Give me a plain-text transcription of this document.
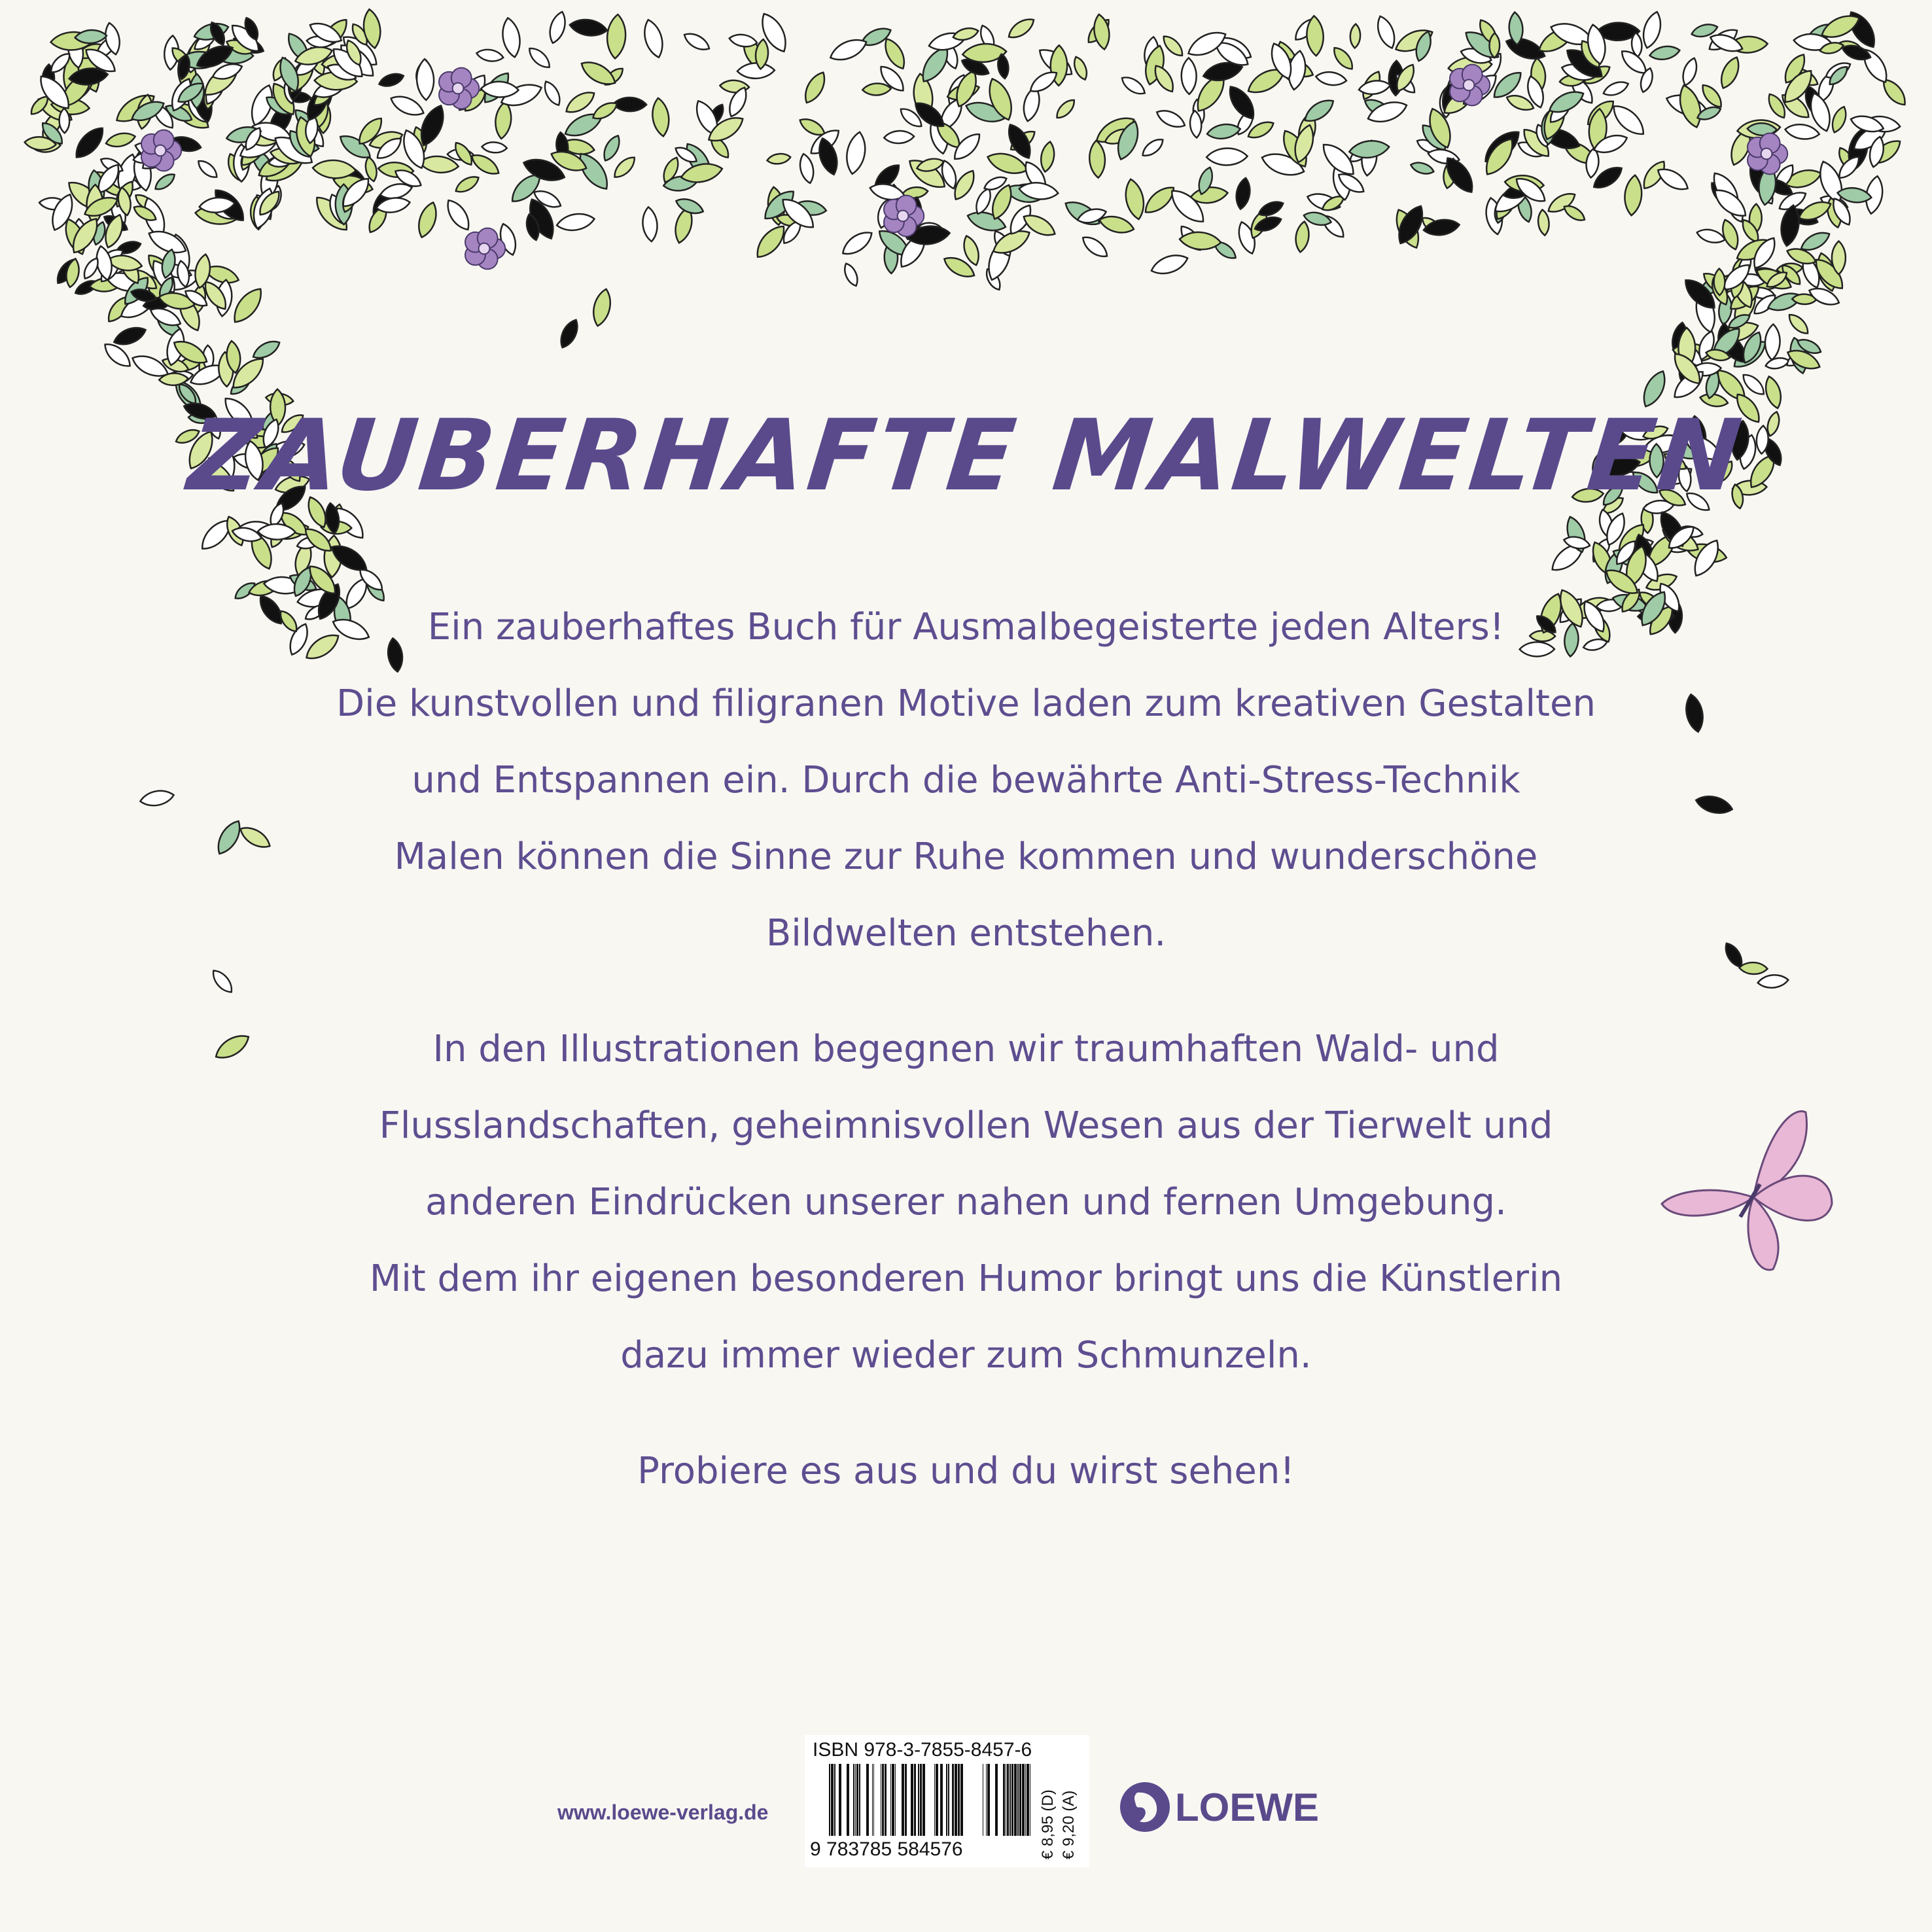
ZAUBERHAFTE MALWELTEN

Ein zauberhaftes Buch für Ausmalbegeisterte jeden Alters!
Die kunstvollen und filigranen Motive laden zum kreativen Gestalten
und Entspannen ein. Durch die bewährte Anti-Stress-Technik
Malen können die Sinne zur Ruhe kommen und wunderschöne
Bildwelten entstehen.

In den Illustrationen begegnen wir traumhaften Wald- und
Flusslandschaften, geheimnisvollen Wesen aus der Tierwelt und
anderen Eindrücken unserer nahen und fernen Umgebung.
Mit dem ihr eigenen besonderen Humor bringt uns die Künstlerin
dazu immer wieder zum Schmunzeln.

Probiere es aus und du wirst sehen!

ISBN 978-3-7855-8457-6
9 783785 584576	€ 8,95 (D) € 9,20 (A)
www.loewe-verlag.de	LOEWE
